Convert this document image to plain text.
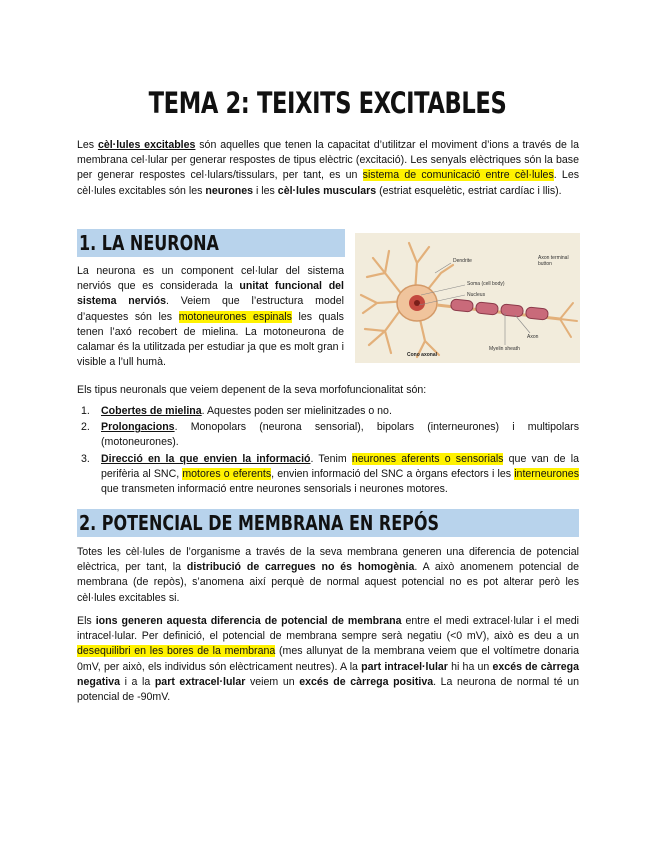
TEMA 2: TEIXITS EXCITABLES

Les cèl·lules excitables són aquelles que tenen la capacitat d’utilitzar el moviment d’ions a través de la membrana cel·lular per generar respostes de tipus elèctric (excitació). Les senyals elèctriques són la base per generar respostes cel·lulars/tissulars, per tant, es un sistema de comunicació entre cèl·lules. Les cèl·lules excitables són les neurones i les cèl·lules musculars (estriat esquelètic, estriat cardíac i llis).

1. LA NEURONA

La neurona es un component cel·lular del sistema nerviós que es considerada la unitat funcional del sistema nerviós. Veiem que l’estructura model d’aquestes són les motoneurones espinals les quals tenen l’axó recobert de mielina. La motoneurona de calamar és la utilitzada per estudiar ja que es molt gran i visible a l’ull humà.

Dendrite	Axon terminal button
Soma (cell body)
Nucleus
Axon
Myelin sheath
Cono axonal

Els tipus neuronals que veiem depenent de la seva morfofuncionalitat són:

1. Cobertes de mielina. Aquestes poden ser mielinitzades o no.
2. Prolongacions. Monopolars (neurona sensorial), bipolars (interneurones) i multipolars (motoneurones).
3. Direcció en la que envien la informació. Tenim neurones aferents o sensorials que van de la perifèria al SNC, motores o eferents, envien informació del SNC a òrgans efectors i les interneurones que transmeten informació entre neurones sensorials i neurones motores.
2. POTENCIAL DE MEMBRANA EN REPÓS

Totes les cèl·lules de l’organisme a través de la seva membrana generen una diferencia de potencial elèctrica, per tant, la distribució de carregues no és homogènia. A això anomenem potencial de membrana (de repòs), s’anomena així perquè de normal aquest potencial no es pot alterar però les cèl·lules excitables si.

Els ions generen aquesta diferencia de potencial de membrana entre el medi extracel·lular i el medi intracel·lular. Per definició, el potencial de membrana sempre serà negatiu (<0 mV), això es deu a un desequilibri en les bores de la membrana (mes allunyat de la membrana veiem que el voltímetre donaria 0mV, per això, els individus són elèctricament neutres). A la part intracel·lular hi ha un excés de càrrega negativa i a la part extracel·lular veiem un excés de càrrega positiva. La neurona de normal té un potencial de -90mV.
